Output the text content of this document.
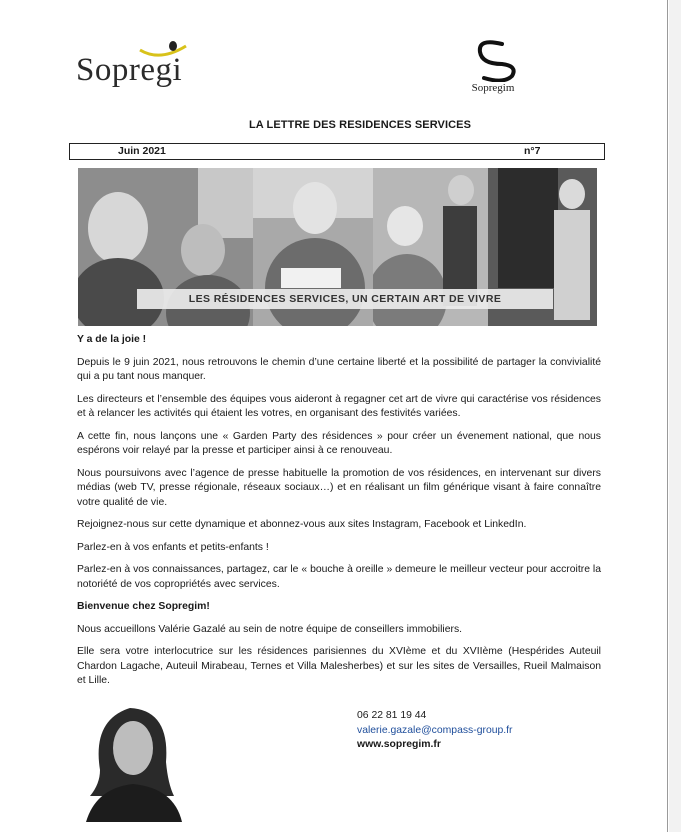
Sopregi	Sopregim
LA LETTRE DES RESIDENCES SERVICES
Juin 2021	n°7
LES RÉSIDENCES SERVICES, UN CERTAIN ART DE VIVRE

Y a de la joie !

Depuis le 9 juin 2021, nous retrouvons le chemin d’une certaine liberté et la possibilité de partager la convivialité qui a pu tant nous manquer.

Les directeurs et l’ensemble des équipes vous aideront à regagner cet art de vivre qui caractérise vos résidences et à relancer les activités qui étaient les votres, en organisant des festivités variées.

A cette fin, nous lançons une « Garden Party des résidences » pour créer un évenement national, que nous espérons voir relayé par la presse et participer ainsi à ce renouveau.

Nous poursuivons avec l’agence de presse habituelle la promotion de vos résidences, en intervenant sur divers médias (web TV, presse régionale, réseaux sociaux…) et en réalisant un film générique visant à faire connaître votre qualité de vie.

Rejoignez-nous sur cette dynamique et abonnez-vous aux sites Instagram, Facebook et LinkedIn.

Parlez-en à vos enfants et petits-enfants !

Parlez-en à vos connaissances, partagez, car le « bouche à oreille » demeure le meilleur vecteur pour accroitre la notoriété de vos copropriétés avec services.

Bienvenue chez Sopregim!

Nous accueillons Valérie Gazalé au sein de notre équipe de conseillers immobiliers.

Elle sera votre interlocutrice sur les résidences parisiennes du XVIème et du XVIIème (Hespérides Auteuil Chardon Lagache, Auteuil Mirabeau, Ternes et Villa Malesherbes) et sur les sites de Versailles, Rueil Malmaison et Lille.

06 22 81 19 44
valerie.gazale@compass-group.fr
www.sopregim.fr
